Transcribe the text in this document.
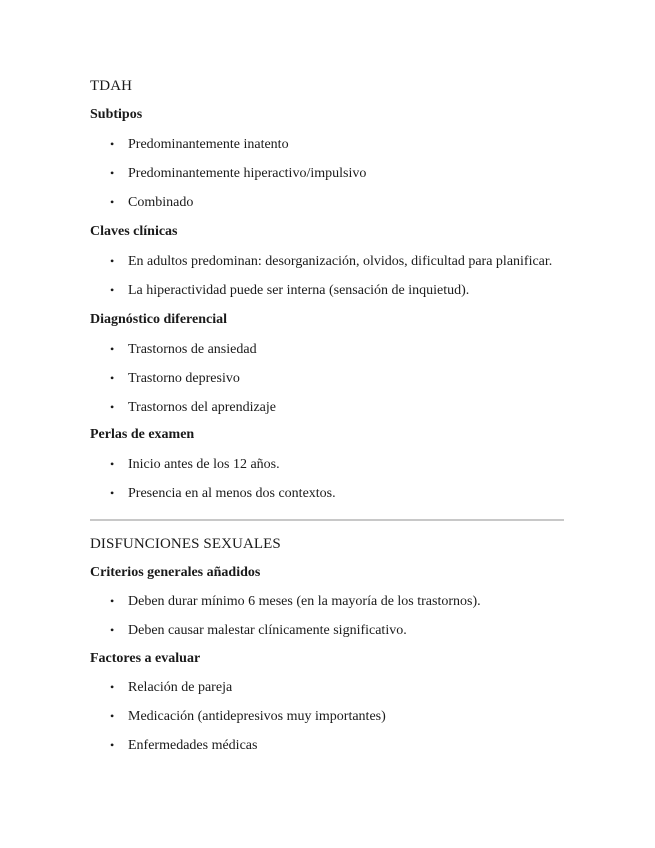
TDAH
Subtipos
• Predominantemente inatento
• Predominantemente hiperactivo/impulsivo
• Combinado
Claves clínicas
• En adultos predominan: desorganización, olvidos, dificultad para planificar.
• La hiperactividad puede ser interna (sensación de inquietud).
Diagnóstico diferencial
• Trastornos de ansiedad
• Trastorno depresivo
• Trastornos del aprendizaje
Perlas de examen
• Inicio antes de los 12 años.
• Presencia en al menos dos contextos.
DISFUNCIONES SEXUALES
Criterios generales añadidos
• Deben durar mínimo 6 meses (en la mayoría de los trastornos).
• Deben causar malestar clínicamente significativo.
Factores a evaluar
• Relación de pareja
• Medicación (antidepresivos muy importantes)
• Enfermedades médicas
